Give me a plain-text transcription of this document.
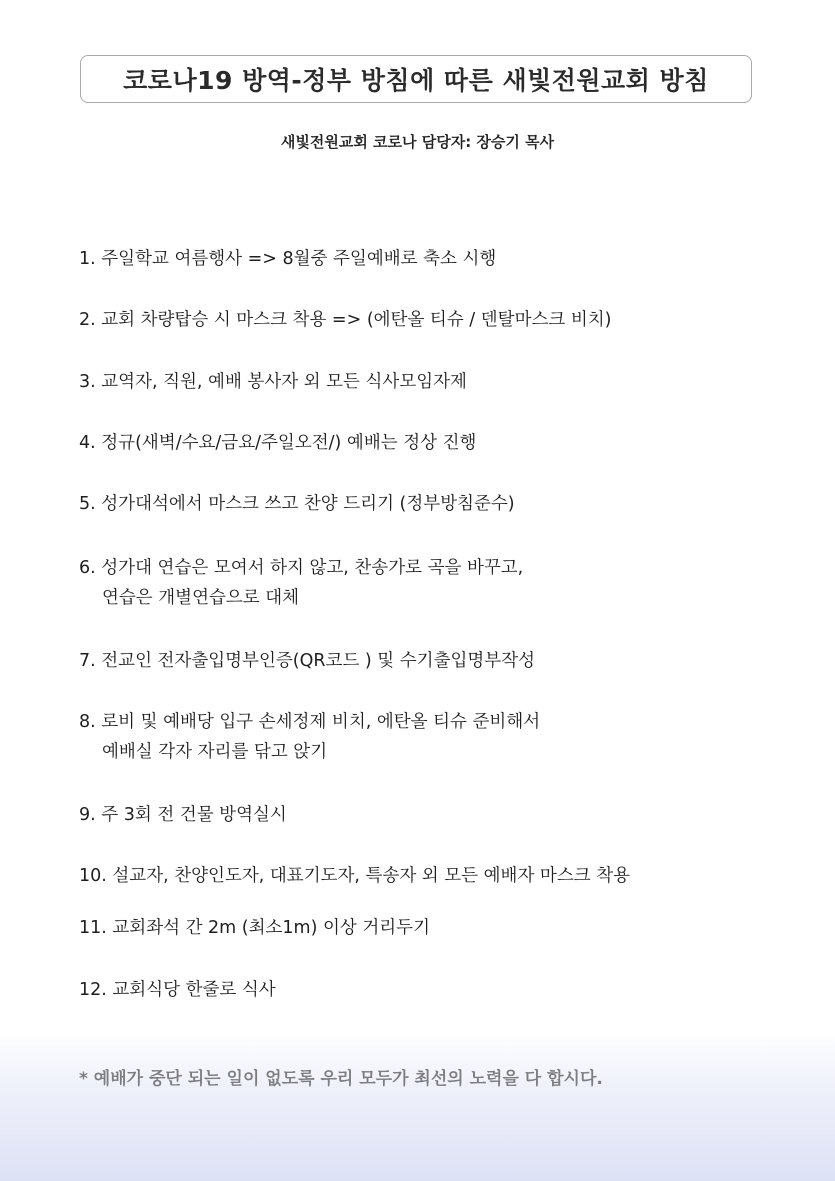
코로나19 방역-정부 방침에 따른 새빛전원교회 방침
새빛전원교회 코로나 담당자: 장승기 목사
1. 주일학교 여름행사 => 8월중 주일예배로 축소 시행
2. 교회 차량탑승 시 마스크 착용 => (에탄올 티슈 / 덴탈마스크 비치)
3. 교역자, 직원, 예배 봉사자 외 모든 식사모임자제
4. 정규(새벽/수요/금요/주일오전/) 예배는 정상 진행
5. 성가대석에서 마스크 쓰고 찬양 드리기 (정부방침준수)
6. 성가대 연습은 모여서 하지 않고, 찬송가로 곡을 바꾸고,
연습은 개별연습으로 대체
7. 전교인 전자출입명부인증(QR코드 ) 및 수기출입명부작성
8. 로비 및 예배당 입구 손세정제 비치, 에탄올 티슈 준비해서
예배실 각자 자리를 닦고 앉기
9. 주 3회 전 건물 방역실시
10. 설교자, 찬양인도자, 대표기도자, 특송자 외 모든 예배자 마스크 착용
11. 교회좌석 간 2m (최소1m) 이상 거리두기
12. 교회식당 한줄로 식사
* 예배가 중단 되는 일이 없도록 우리 모두가 최선의 노력을 다 합시다.
